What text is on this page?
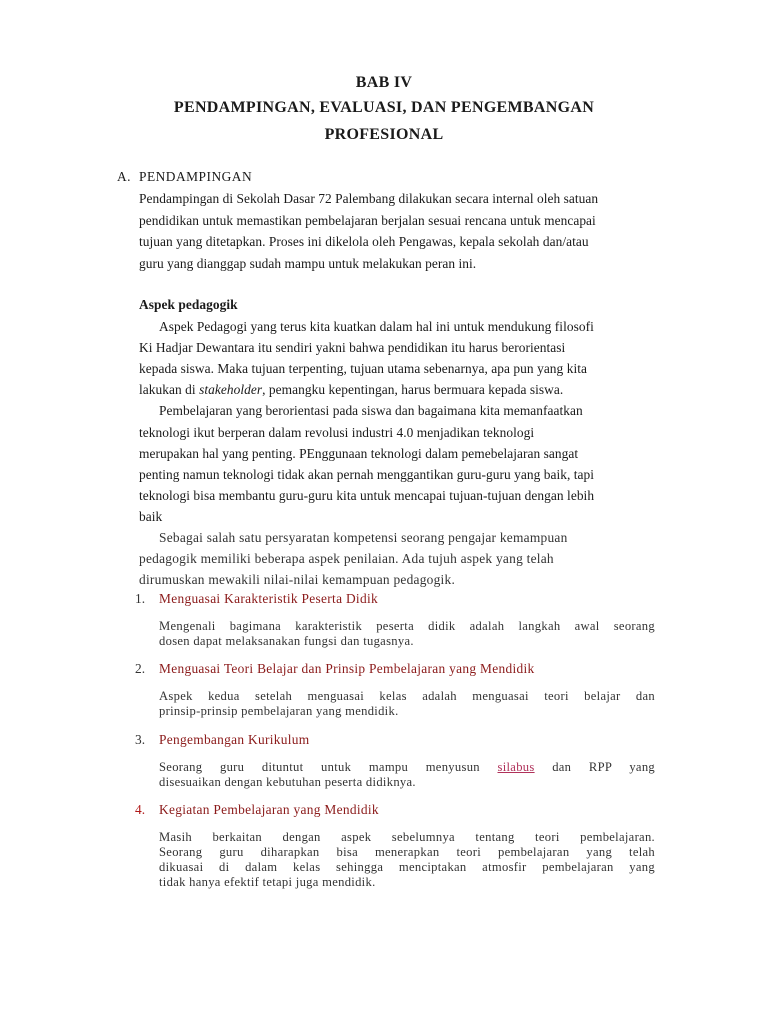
BAB IV
PENDAMPINGAN, EVALUASI, DAN PENGEMBANGAN
PROFESIONAL
A. PENDAMPINGAN
Pendampingan di Sekolah Dasar 72 Palembang dilakukan secara internal oleh satuan
pendidikan untuk memastikan pembelajaran berjalan sesuai rencana untuk mencapai
tujuan yang ditetapkan. Proses ini dikelola oleh Pengawas, kepala sekolah dan/atau
guru yang dianggap sudah mampu untuk melakukan peran ini.
Aspek pedagogik
Aspek Pedagogi yang terus kita kuatkan dalam hal ini untuk mendukung filosofi
Ki Hadjar Dewantara itu sendiri yakni bahwa pendidikan itu harus berorientasi
kepada siswa. Maka tujuan terpenting, tujuan utama sebenarnya, apa pun yang kita
lakukan di stakeholder, pemangku kepentingan, harus bermuara kepada siswa.
Pembelajaran yang berorientasi pada siswa dan bagaimana kita memanfaatkan
teknologi ikut berperan dalam revolusi industri 4.0 menjadikan teknologi
merupakan hal yang penting. PEnggunaan teknologi dalam pemebelajaran sangat
penting namun teknologi tidak akan pernah menggantikan guru-guru yang baik, tapi
teknologi bisa membantu guru-guru kita untuk mencapai tujuan-tujuan dengan lebih
baik
Sebagai salah satu persyaratan kompetensi seorang pengajar kemampuan
pedagogik memiliki beberapa aspek penilaian. Ada tujuh aspek yang telah
dirumuskan mewakili nilai-nilai kemampuan pedagogik.
1. Menguasai Karakteristik Peserta Didik
Mengenali bagimana karakteristik peserta didik adalah langkah awal seorang
dosen dapat melaksanakan fungsi dan tugasnya.
2. Menguasai Teori Belajar dan Prinsip Pembelajaran yang Mendidik
Aspek kedua setelah menguasai kelas adalah menguasai teori belajar dan
prinsip-prinsip pembelajaran yang mendidik.
3. Pengembangan Kurikulum
Seorang guru dituntut untuk mampu menyusun silabus dan RPP yang
disesuaikan dengan kebutuhan peserta didiknya.
4. Kegiatan Pembelajaran yang Mendidik
Masih berkaitan dengan aspek sebelumnya tentang teori pembelajaran.
Seorang guru diharapkan bisa menerapkan teori pembelajaran yang telah
dikuasai di dalam kelas sehingga menciptakan atmosfir pembelajaran yang
tidak hanya efektif tetapi juga mendidik.
